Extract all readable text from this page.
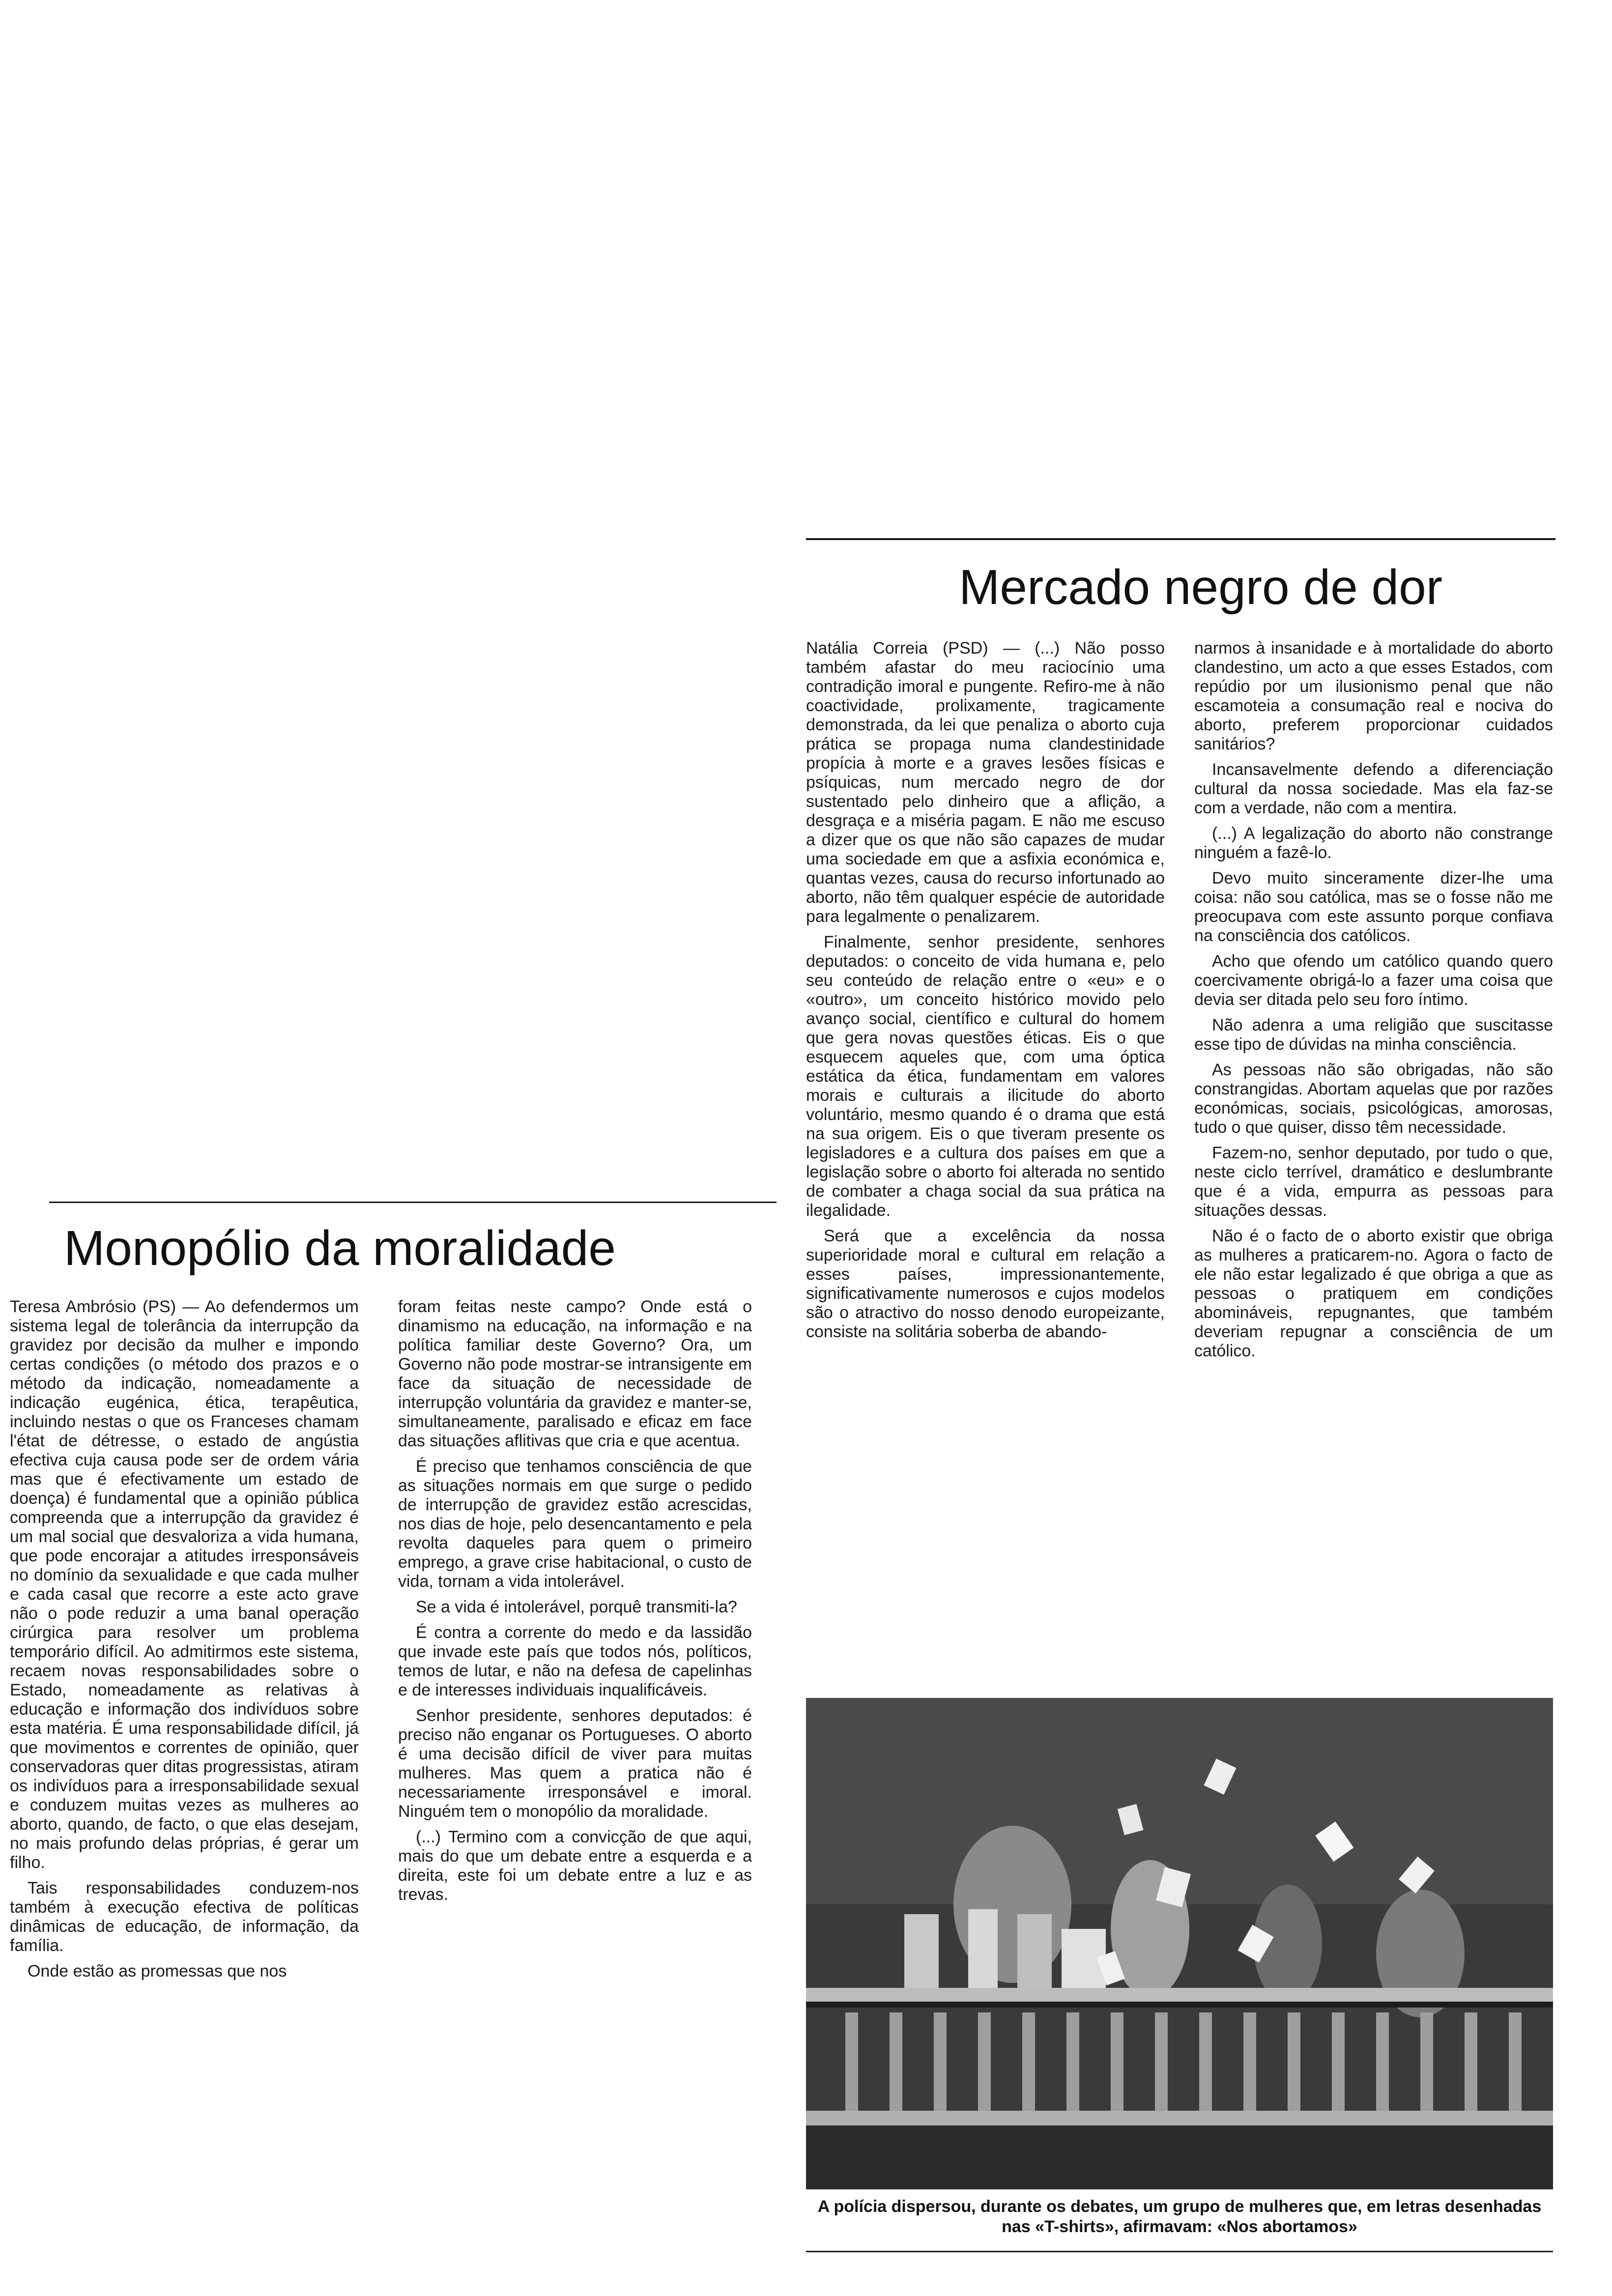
Mercado negro de dor

Natália Correia (PSD) — (...) Não posso também afastar do meu raciocínio uma contradição imoral e pungente. Refiro-me à não coactividade, prolixamente, tragicamente demonstrada, da lei que penaliza o aborto cuja prática se propaga numa clandestinidade propícia à morte e a graves lesões físicas e psíquicas, num mercado negro de dor sustentado pelo dinheiro que a aflição, a desgraça e a miséria pagam. E não me escuso a dizer que os que não são capazes de mudar uma sociedade em que a asfixia económica e, quantas vezes, causa do recurso infortunado ao aborto, não têm qualquer espécie de autoridade para legalmente o penalizarem.

Finalmente, senhor presidente, senhores deputados: o conceito de vida humana e, pelo seu conteúdo de relação entre o «eu» e o «outro», um conceito histórico movido pelo avanço social, científico e cultural do homem que gera novas questões éticas. Eis o que esquecem aqueles que, com uma óptica estática da ética, fundamentam em valores morais e culturais a ilicitude do aborto voluntário, mesmo quando é o drama que está na sua origem. Eis o que tiveram presente os legisladores e a cultura dos países em que a legislação sobre o aborto foi alterada no sentido de combater a chaga social da sua prática na ilegalidade.

Será que a excelência da nossa superioridade moral e cultural em relação a esses países, impressionantemente, significativamente numerosos e cujos modelos são o atractivo do nosso denodo europeizante, consiste na solitária soberba de abando-

narmos à insanidade e à mortalidade do aborto clandestino, um acto a que esses Estados, com repúdio por um ilusionismo penal que não escamoteia a consumação real e nociva do aborto, preferem proporcionar cuidados sanitários?

Incansavelmente defendo a diferenciação cultural da nossa sociedade. Mas ela faz-se com a verdade, não com a mentira.

(...) A legalização do aborto não constrange ninguém a fazê-lo.

Devo muito sinceramente dizer-lhe uma coisa: não sou católica, mas se o fosse não me preocupava com este assunto porque confiava na consciência dos católicos.

Acho que ofendo um católico quando quero coercivamente obrigá-lo a fazer uma coisa que devia ser ditada pelo seu foro íntimo.

Não adenra a uma religião que suscitasse esse tipo de dúvidas na minha consciência.

As pessoas não são obrigadas, não são constrangidas. Abortam aquelas que por razões económicas, sociais, psicológicas, amorosas, tudo o que quiser, disso têm necessidade.

Fazem-no, senhor deputado, por tudo o que, neste ciclo terrível, dramático e deslumbrante que é a vida, empurra as pessoas para situações dessas.

Não é o facto de o aborto existir que obriga as mulheres a praticarem-no. Agora o facto de ele não estar legalizado é que obriga a que as pessoas o pratiquem em condições abomináveis, repugnantes, que também deveriam repugnar a consciência de um católico.

Monopólio da moralidade

Teresa Ambrósio (PS) — Ao defendermos um sistema legal de tolerância da interrupção da gravidez por decisão da mulher e impondo certas condições (o método dos prazos e o método da indicação, nomeadamente a indicação eugénica, ética, terapêutica, incluindo nestas o que os Franceses chamam l'état de détresse, o estado de angústia efectiva cuja causa pode ser de ordem vária mas que é efectivamente um estado de doença) é fundamental que a opinião pública compreenda que a interrupção da gravidez é um mal social que desvaloriza a vida humana, que pode encorajar a atitudes irresponsáveis no domínio da sexualidade e que cada mulher e cada casal que recorre a este acto grave não o pode reduzir a uma banal operação cirúrgica para resolver um problema temporário difícil. Ao admitirmos este sistema, recaem novas responsabilidades sobre o Estado, nomeadamente as relativas à educação e informação dos indivíduos sobre esta matéria. É uma responsabilidade difícil, já que movimentos e correntes de opinião, quer conservadoras quer ditas progressistas, atiram os indivíduos para a irresponsabilidade sexual e conduzem muitas vezes as mulheres ao aborto, quando, de facto, o que elas desejam, no mais profundo delas próprias, é gerar um filho.

Tais responsabilidades conduzem-nos também à execução efectiva de políticas dinâmicas de educação, de informação, da família.

Onde estão as promessas que nos

foram feitas neste campo? Onde está o dinamismo na educação, na informação e na política familiar deste Governo? Ora, um Governo não pode mostrar-se intransigente em face da situação de necessidade de interrupção voluntária da gravidez e manter-se, simultaneamente, paralisado e eficaz em face das situações aflitivas que cria e que acentua.

É preciso que tenhamos consciência de que as situações normais em que surge o pedido de interrupção de gravidez estão acrescidas, nos dias de hoje, pelo desencantamento e pela revolta daqueles para quem o primeiro emprego, a grave crise habitacional, o custo de vida, tornam a vida intolerável.

Se a vida é intolerável, porquê transmiti-la?

É contra a corrente do medo e da lassidão que invade este país que todos nós, políticos, temos de lutar, e não na defesa de capelinhas e de interesses individuais inqualificáveis.

Senhor presidente, senhores deputados: é preciso não enganar os Portugueses. O aborto é uma decisão difícil de viver para muitas mulheres. Mas quem a pratica não é necessariamente irresponsável e imoral. Ninguém tem o monopólio da moralidade.

(...) Termino com a convicção de que aqui, mais do que um debate entre a esquerda e a direita, este foi um debate entre a luz e as trevas.

A polícia dispersou, durante os debates, um grupo de mulheres que, em letras desenhadas nas «T-shirts», afirmavam: «Nos abortamos»
